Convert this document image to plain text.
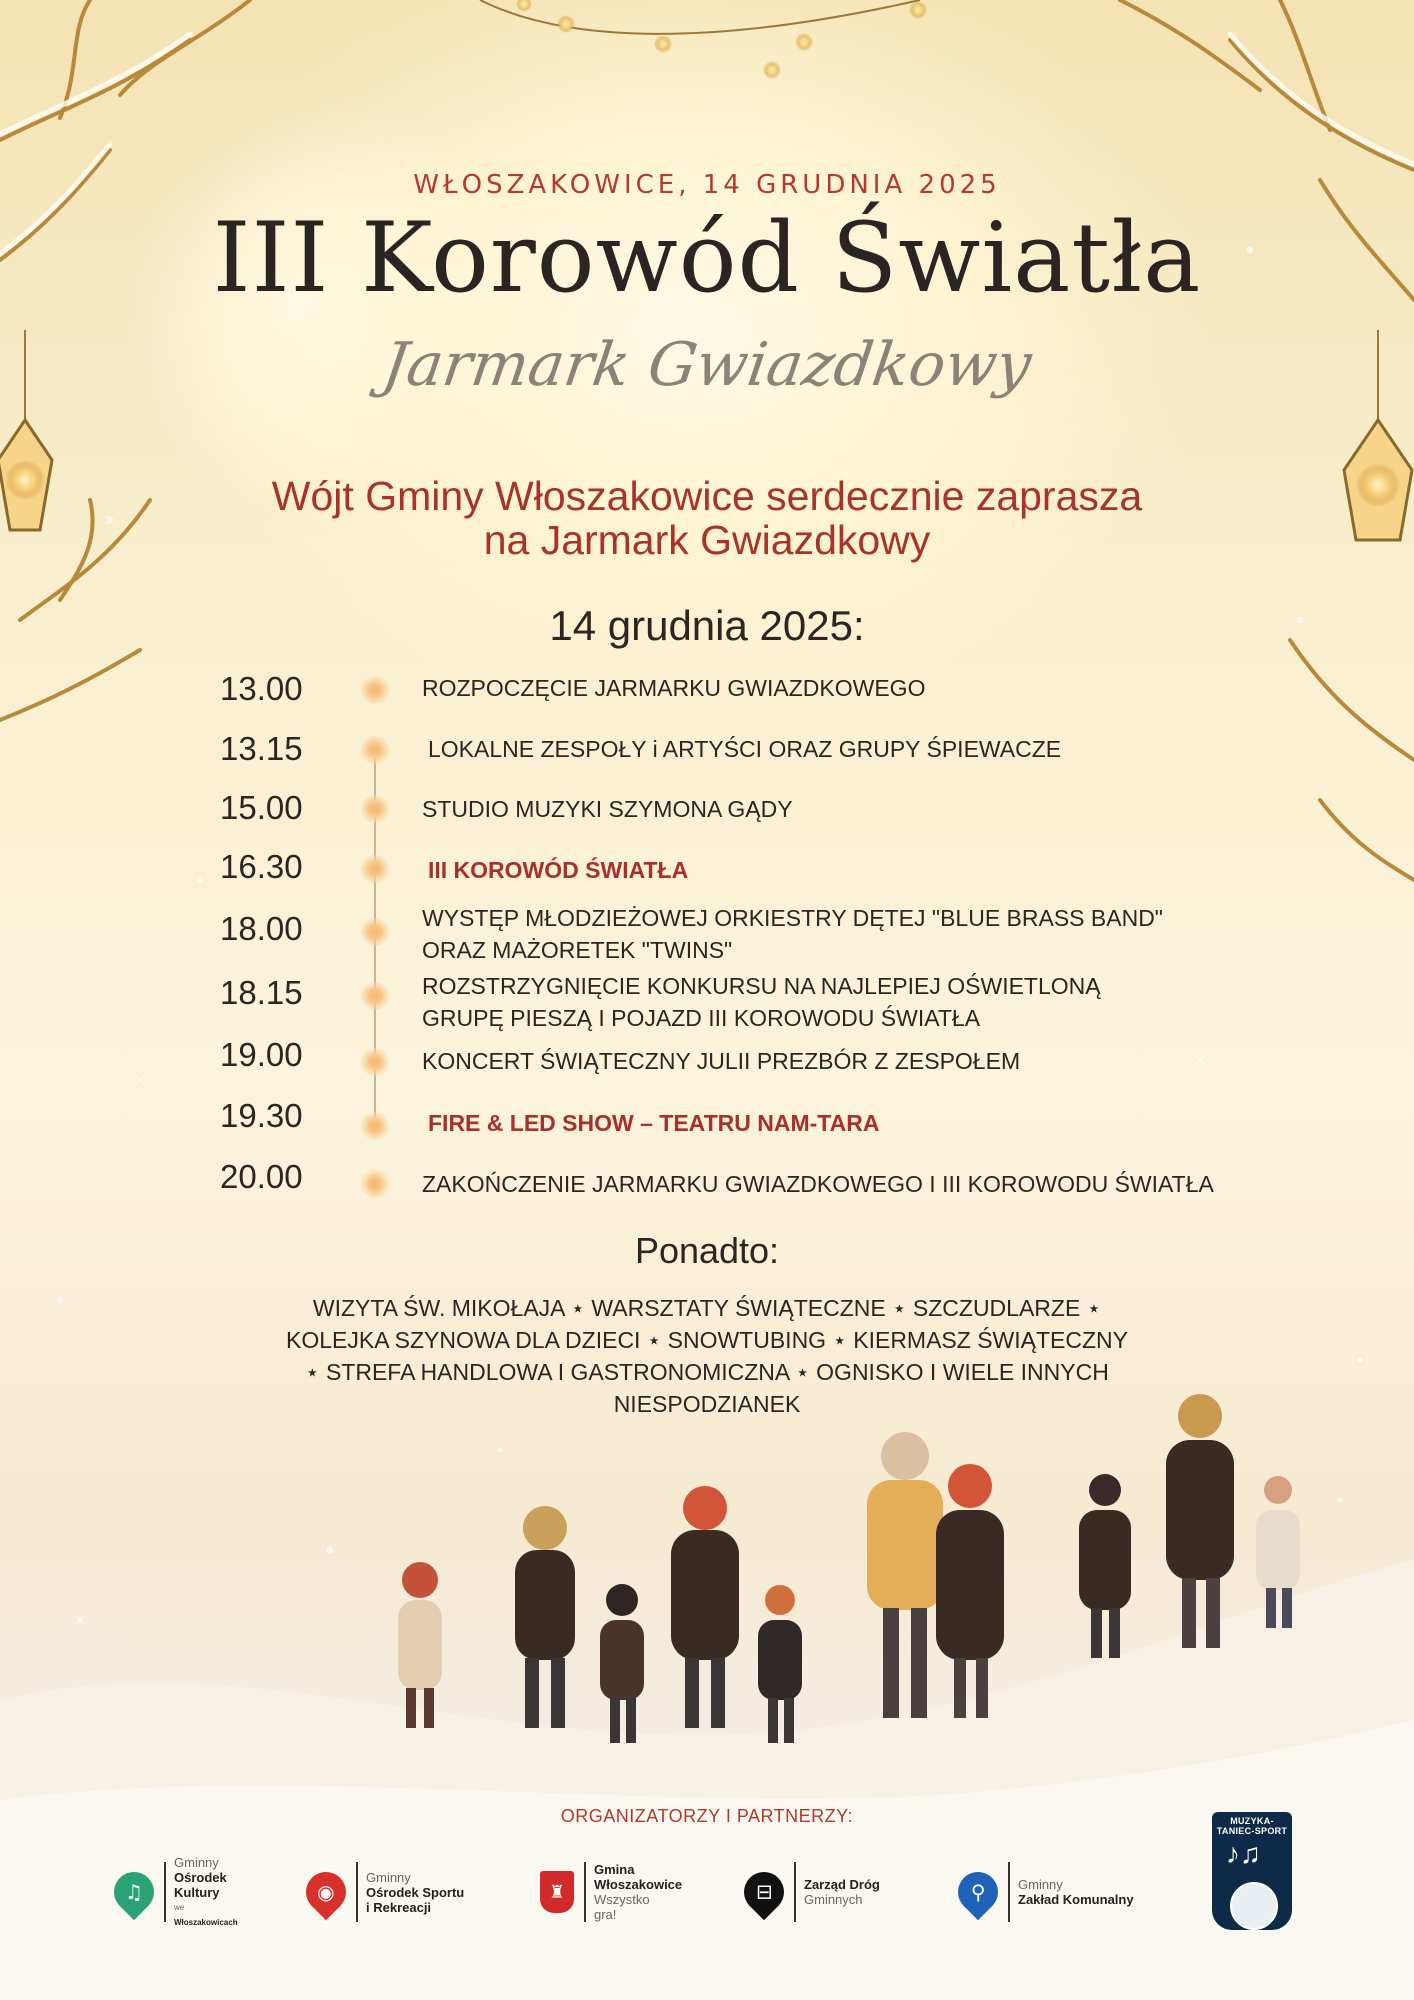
WŁOSZAKOWICE, 14 GRUDNIA 2025
III Korowód Światła
Jarmark Gwiazdkowy
Wójt Gminy Włoszakowice serdecznie zaprasza
na Jarmark Gwiazdkowy
14 grudnia 2025:
13.00	ROZPOCZĘCIE JARMARKU GWIAZDKOWEGO
13.15	LOKALNE ZESPOŁY i ARTYŚCI ORAZ GRUPY ŚPIEWACZE
15.00	STUDIO MUZYKI SZYMONA GĄDY
16.30	III KOROWÓD ŚWIATŁA
18.00	WYSTĘP MŁODZIEŻOWEJ ORKIESTRY DĘTEJ "BLUE BRASS BAND"
ORAZ MAŻORETEK "TWINS"
18.15	ROZSTRZYGNIĘCIE KONKURSU NA NAJLEPIEJ OŚWIETLONĄ
GRUPĘ PIESZĄ I POJAZD III KOROWODU ŚWIATŁA
19.00	KONCERT ŚWIĄTECZNY JULII PREZBÓR Z ZESPOŁEM
19.30	FIRE & LED SHOW – TEATRU NAM-TARA
20.00	ZAKOŃCZENIE JARMARKU GWIAZDKOWEGO I III KOROWODU ŚWIATŁA
Ponadto:
WIZYTA ŚW. MIKOŁAJA ⋆ WARSZTATY ŚWIĄTECZNE ⋆ SZCZUDLARZE ⋆
KOLEJKA SZYNOWA DLA DZIECI ⋆ SNOWTUBING ⋆ KIERMASZ ŚWIĄTECZNY
⋆ STREFA HANDLOWA I GASTRONOMICZNA ⋆ OGNISKO I WIELE INNYCH
NIESPODZIANEK
ORGANIZATORZY I PARTNERZY:
♫
Gminny
Ośrodek
Kultury
we
Włoszakowicach
◉
Gminny
Ośrodek Sportu
i Rekreacji
♜
Gmina
Włoszakowice
Wszystko
gra!
⊟ Zarząd Dróg
Gminnych	⚲	Gminny
Zakład Komunalny
MUZYKA-TANIEC-SPORT
♪♫
